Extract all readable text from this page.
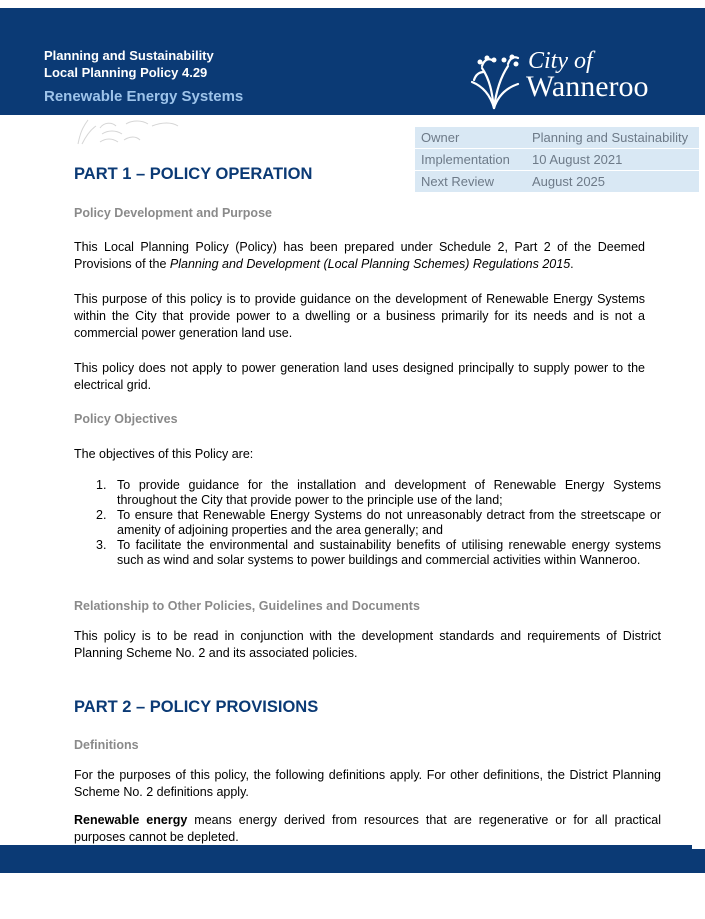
Planning and Sustainability
Local Planning Policy 4.29
Renewable Energy Systems
City of
Wanneroo
Owner	Planning and Sustainability
Implementation	10 August 2021
Next Review	August 2025
PART 1 – POLICY OPERATION
Policy Development and Purpose
This Local Planning Policy (Policy) has been prepared under Schedule 2, Part 2 of the Deemed Provisions of the Planning and Development (Local Planning Schemes) Regulations 2015.
This purpose of this policy is to provide guidance on the development of Renewable Energy Systems within the City that provide power to a dwelling or a business primarily for its needs and is not a commercial power generation land use.
This policy does not apply to power generation land uses designed principally to supply power to the electrical grid.
Policy Objectives
The objectives of this Policy are:
1. To provide guidance for the installation and development of Renewable Energy Systems throughout the City that provide power to the principle use of the land;
2. To ensure that Renewable Energy Systems do not unreasonably detract from the streetscape or amenity of adjoining properties and the area generally; and
3. To facilitate the environmental and sustainability benefits of utilising renewable energy systems such as wind and solar systems to power buildings and commercial activities within Wanneroo.
Relationship to Other Policies, Guidelines and Documents
This policy is to be read in conjunction with the development standards and requirements of District Planning Scheme No. 2 and its associated policies.
PART 2 – POLICY PROVISIONS
Definitions
For the purposes of this policy, the following definitions apply. For other definitions, the District Planning Scheme No. 2 definitions apply.
Renewable energy means energy derived from resources that are regenerative or for all practical purposes cannot be depleted.
